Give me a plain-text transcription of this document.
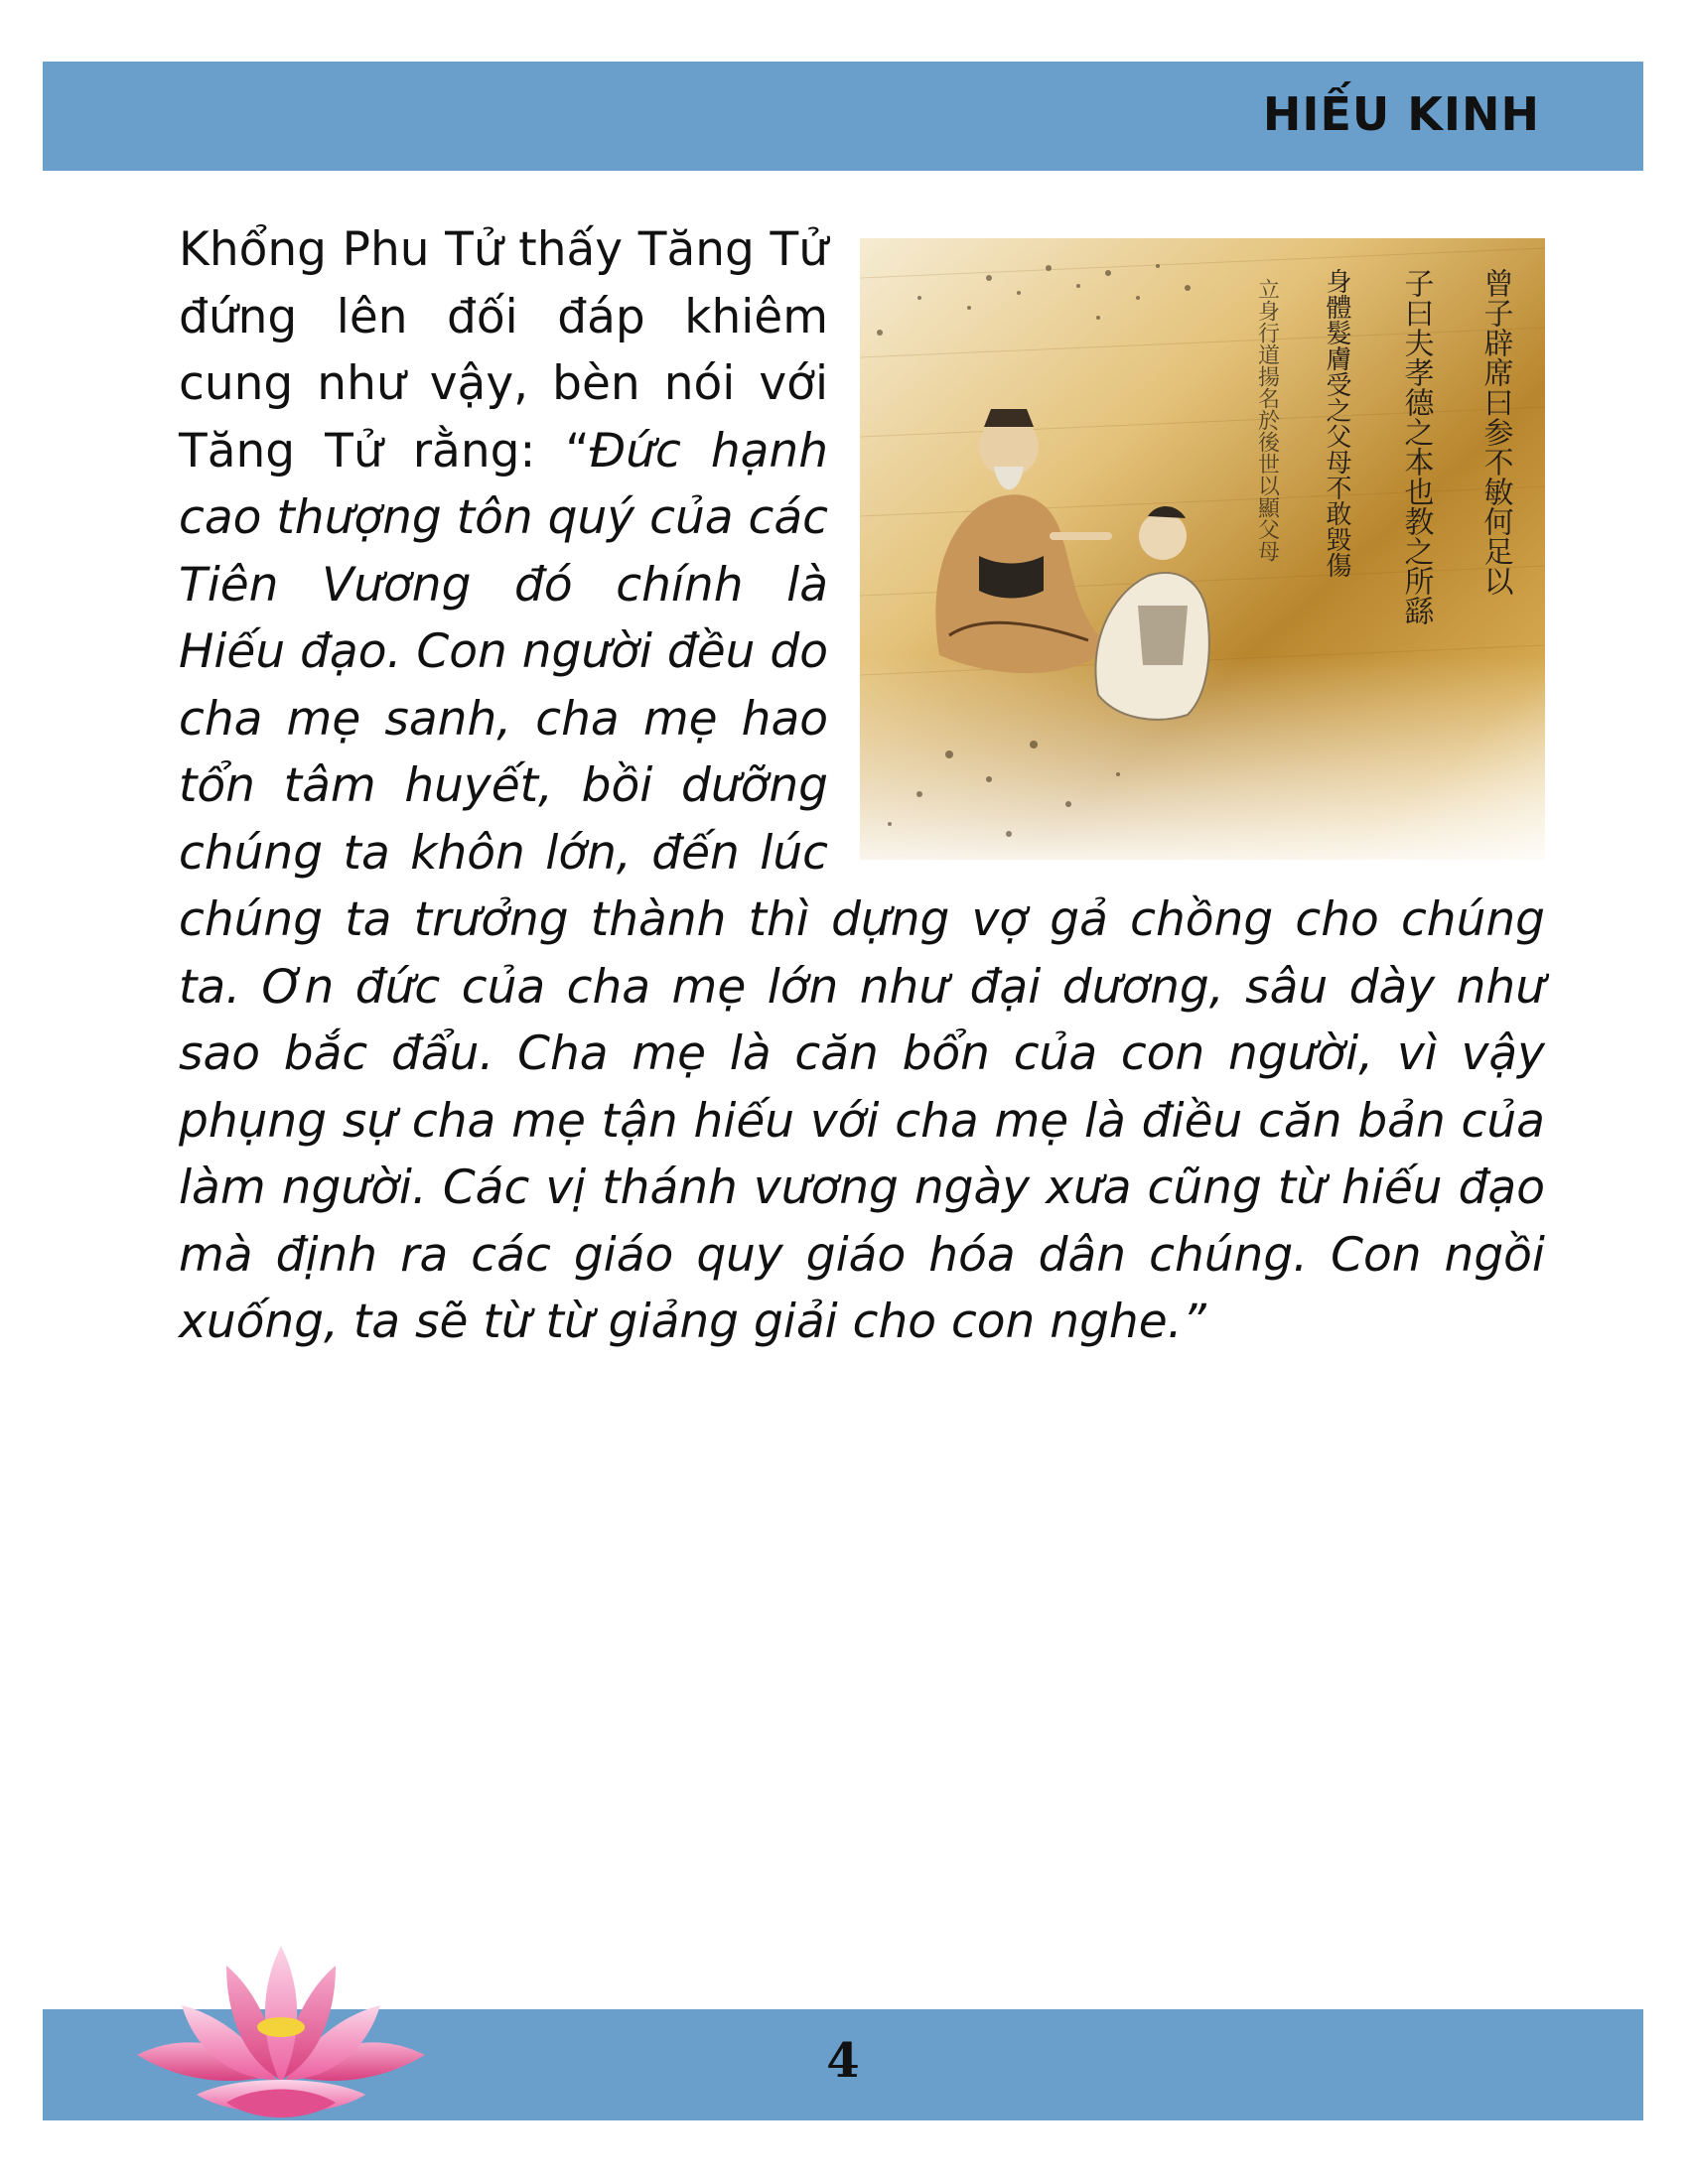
HIẾU KINH
曾子辟席曰参不敏何足以
子曰夫孝德之本也教之所繇
身體髮膚受之父母不敢毀傷
立身行道揚名於後世以顯父母

Khổng Phu Tử thấy Tăng Tử đứng lên đối đáp khiêm cung như vậy, bèn nói với Tăng Tử rằng: “Đức hạnh cao thượng tôn quý của các Tiên Vương đó chính là Hiếu đạo. Con người đều do cha mẹ sanh, cha mẹ hao tổn tâm huyết, bồi dưỡng chúng ta khôn lớn, đến lúc chúng ta trưởng thành thì dựng vợ gả chồng cho chúng ta. Ơn đức của cha mẹ lớn như đại dương, sâu dày như sao bắc đẩu. Cha mẹ là căn bổn của con người, vì vậy phụng sự cha mẹ tận hiếu với cha mẹ là điều căn bản của làm người. Các vị thánh vương ngày xưa cũng từ hiếu đạo mà định ra các giáo quy giáo hóa dân chúng. Con ngồi xuống, ta sẽ từ từ giảng giải cho con nghe.”

4
